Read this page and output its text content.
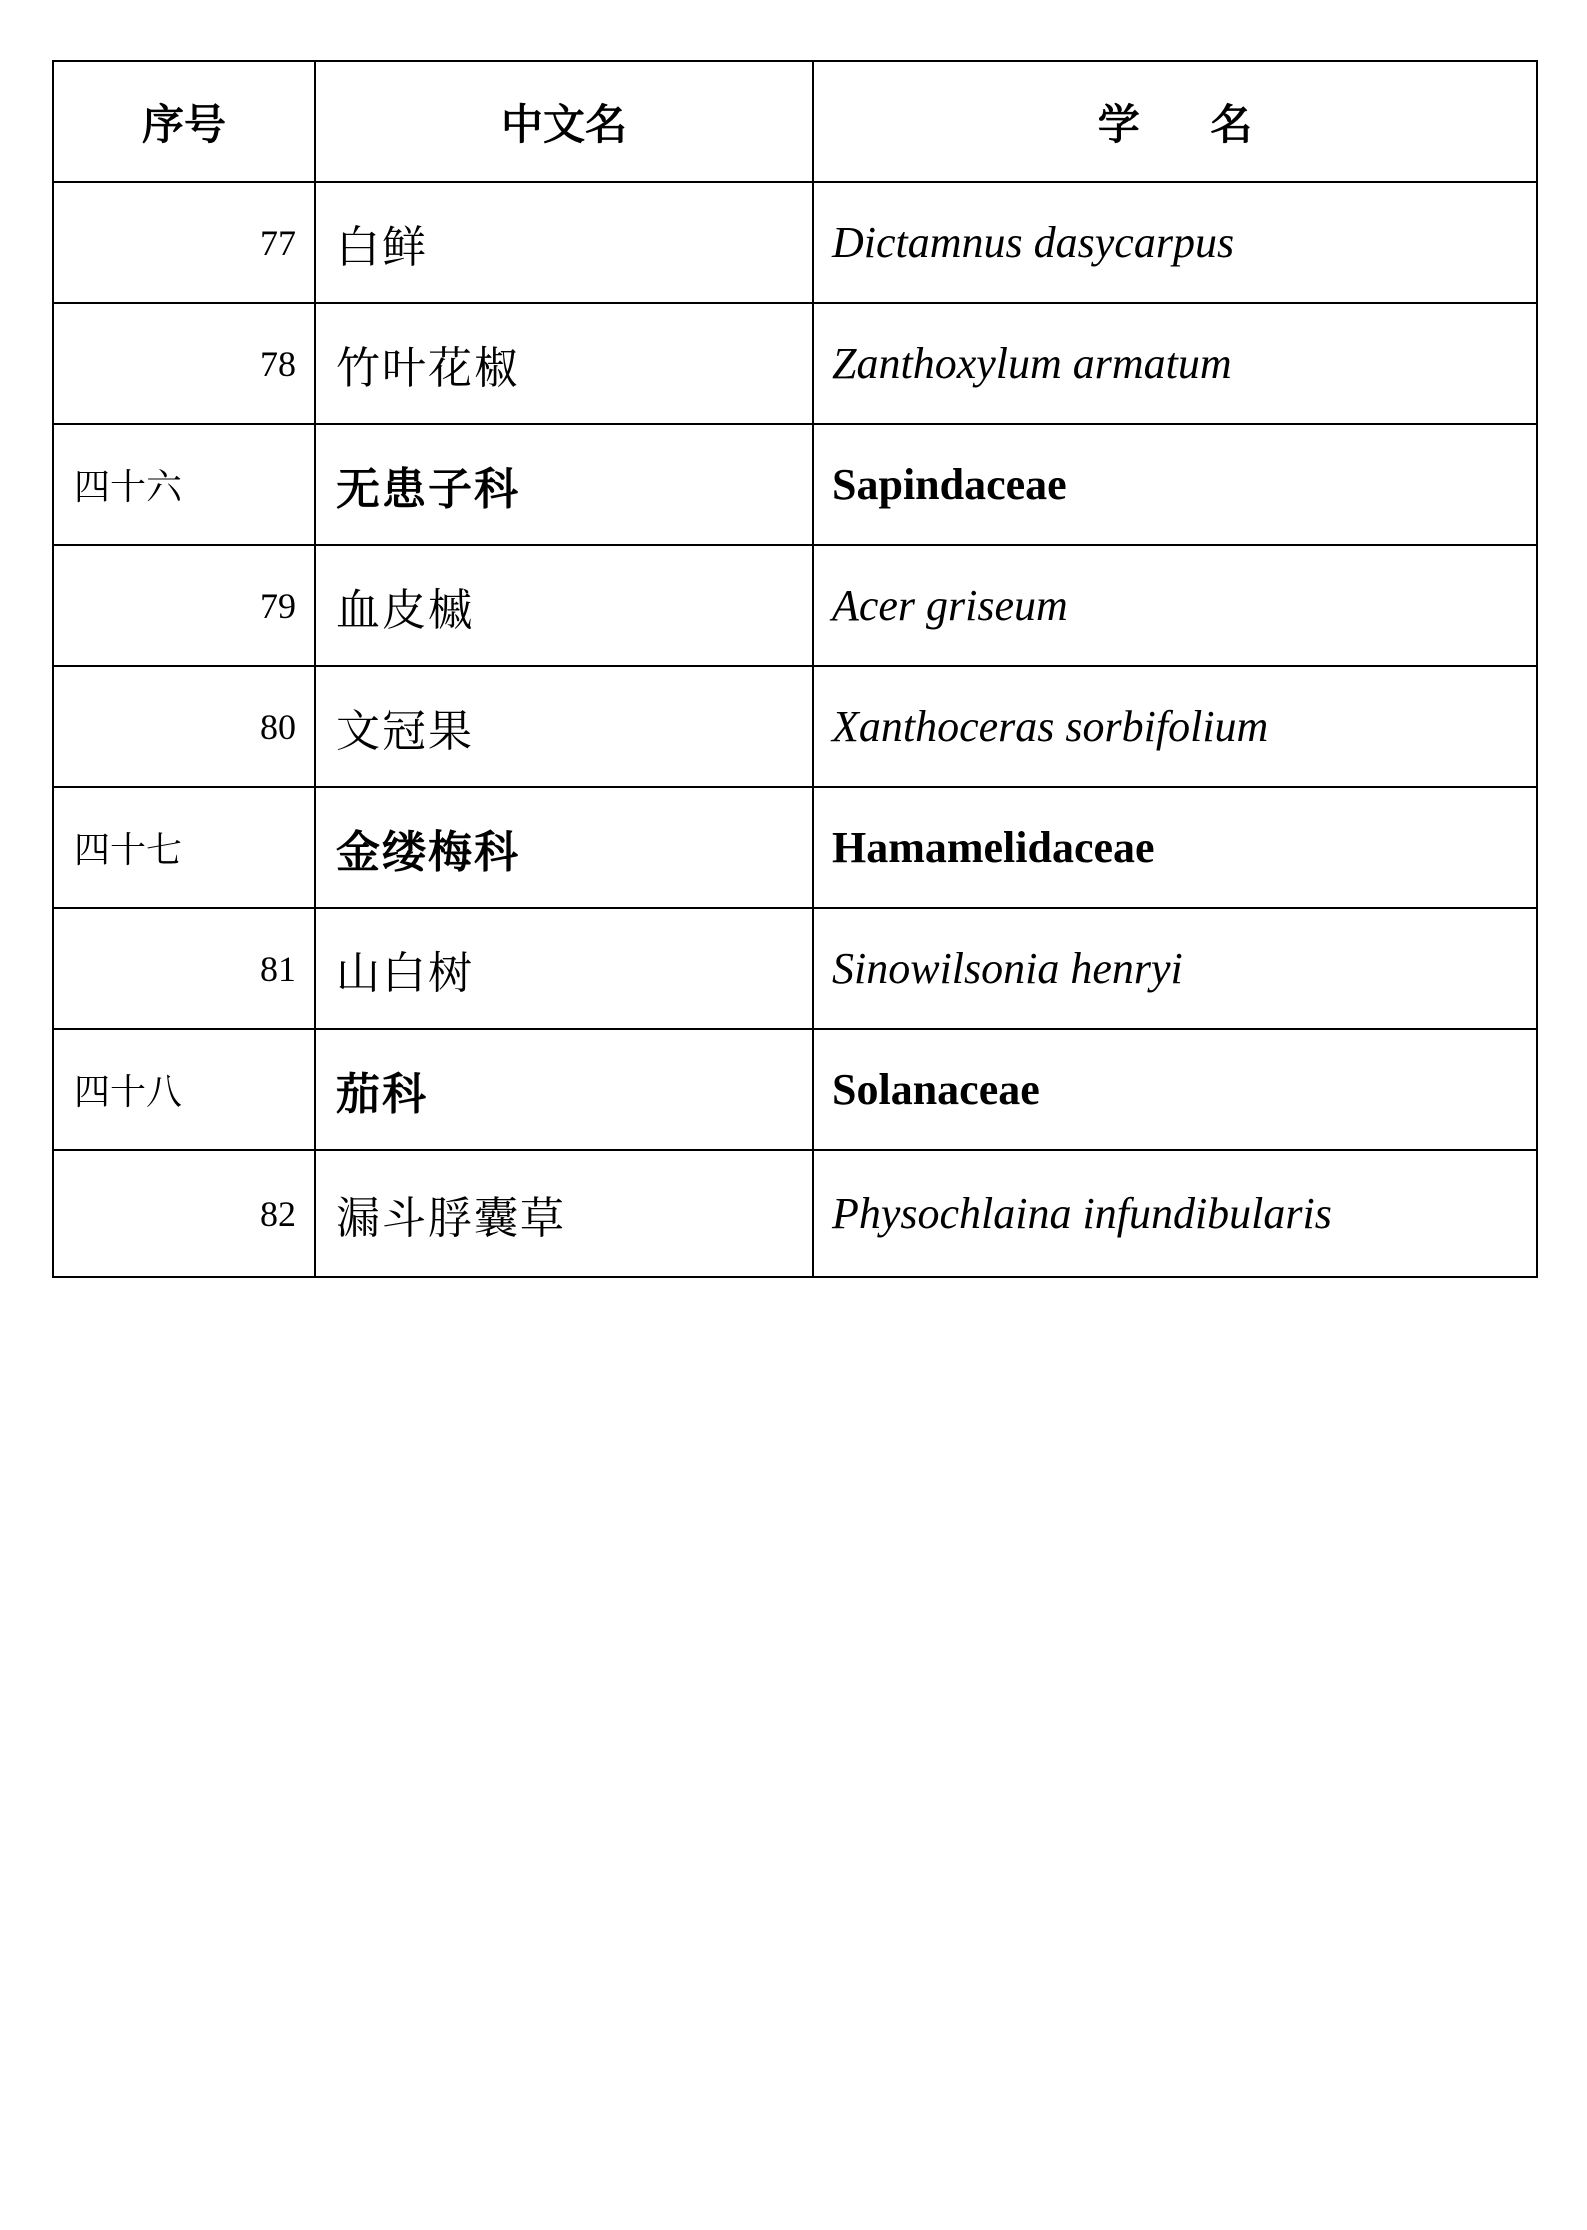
序号	中文名	学 名
77	白鲜	Dictamnus dasycarpus
78	竹叶花椒	Zanthoxylum armatum
四十六	无患子科	Sapindaceae
79	血皮槭	Acer griseum
80	文冠果	Xanthoceras sorbifolium
四十七	金缕梅科	Hamamelidaceae
81	山白树	Sinowilsonia henryi
四十八	茄科	Solanaceae
82	漏斗脬囊草	Physochlaina infundibularis
